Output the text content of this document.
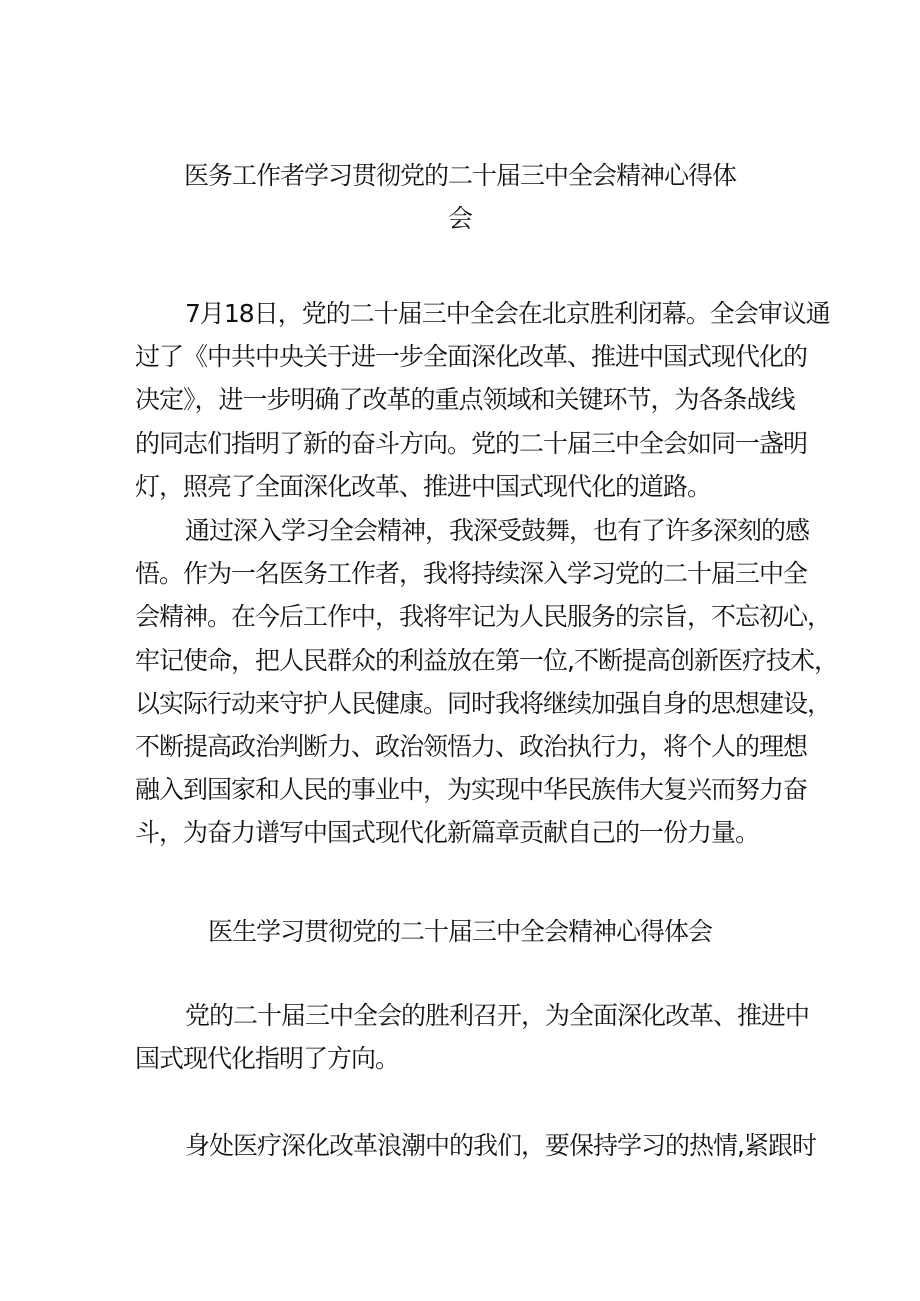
医务工作者学习贯彻党的二十届三中全会精神心得体
会
7月18日，党的二十届三中全会在北京胜利闭幕。全会审议通
过了《中共中央关于进一步全面深化改革、推进中国式现代化的
决定》，进一步明确了改革的重点领域和关键环节，为各条战线
的同志们指明了新的奋斗方向。党的二十届三中全会如同一盏明
灯，照亮了全面深化改革、推进中国式现代化的道路。
通过深入学习全会精神，我深受鼓舞，也有了许多深刻的感
悟。作为一名医务工作者，我将持续深入学习党的二十届三中全
会精神。在今后工作中，我将牢记为人民服务的宗旨，不忘初心，
牢记使命，把人民群众的利益放在第一位,不断提高创新医疗技术，
以实际行动来守护人民健康。同时我将继续加强自身的思想建设，
不断提高政治判断力、政治领悟力、政治执行力，将个人的理想
融入到国家和人民的事业中，为实现中华民族伟大复兴而努力奋
斗，为奋力谱写中国式现代化新篇章贡献自己的一份力量。
医生学习贯彻党的二十届三中全会精神心得体会
党的二十届三中全会的胜利召开，为全面深化改革、推进中
国式现代化指明了方向。
身处医疗深化改革浪潮中的我们，要保持学习的热情,紧跟时
